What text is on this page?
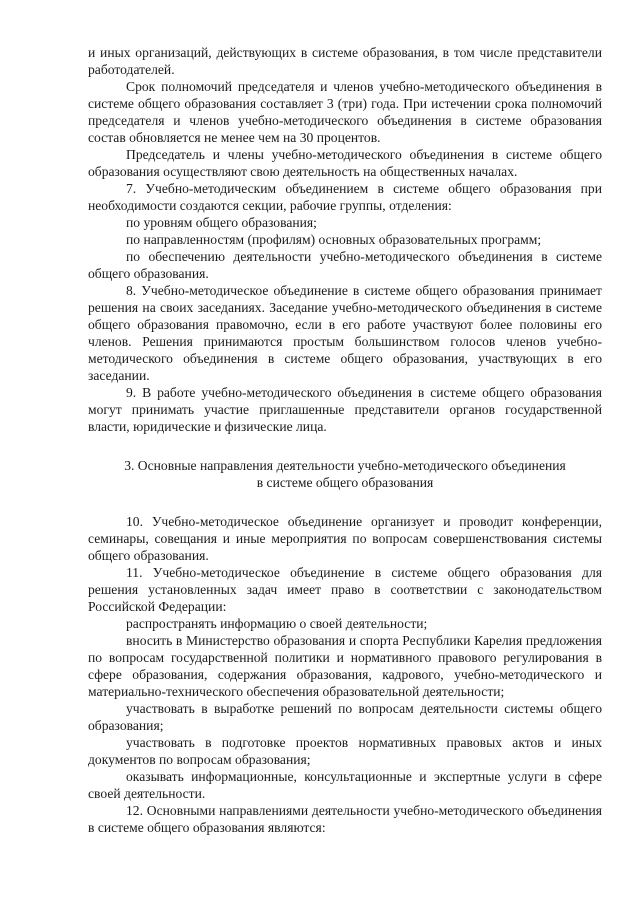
и иных организаций, действующих в системе образования, в том числе представители работодателей.

Срок полномочий председателя и членов учебно-методического объединения в системе общего образования составляет 3 (три) года. При истечении срока полномочий председателя и членов учебно-методического объединения в системе образования состав обновляется не менее чем на 30 процентов.

Председатель и члены учебно-методического объединения в системе общего образования осуществляют свою деятельность на общественных началах.

7. Учебно-методическим объединением в системе общего образования при необходимости создаются секции, рабочие группы, отделения:

по уровням общего образования;

по направленностям (профилям) основных образовательных программ;

по обеспечению деятельности учебно-методического объединения в системе общего образования.

8. Учебно-методическое объединение в системе общего образования принимает решения на своих заседаниях. Заседание учебно-методического объединения в системе общего образования правомочно, если в его работе участвуют более половины его членов. Решения принимаются простым большинством голосов членов учебно-методического объединения в системе общего образования, участвующих в его заседании.

9. В работе учебно-методического объединения в системе общего образования могут принимать участие приглашенные представители органов государственной власти, юридические и физические лица.

3. Основные направления деятельности учебно-методического объединения
в системе общего образования

10. Учебно-методическое объединение организует и проводит конференции, семинары, совещания и иные мероприятия по вопросам совершенствования системы общего образования.

11. Учебно-методическое объединение в системе общего образования для решения установленных задач имеет право в соответствии с законодательством Российской Федерации:

распространять информацию о своей деятельности;

вносить в Министерство образования и спорта Республики Карелия предложения по вопросам государственной политики и нормативного правового регулирования в сфере образования, содержания образования, кадрового, учебно-методического и материально-технического обеспечения образовательной деятельности;

участвовать в выработке решений по вопросам деятельности системы общего образования;

участвовать в подготовке проектов нормативных правовых актов и иных документов по вопросам образования;

оказывать информационные, консультационные и экспертные услуги в сфере своей деятельности.

12. Основными направлениями деятельности учебно-методического объединения в системе общего образования являются:
